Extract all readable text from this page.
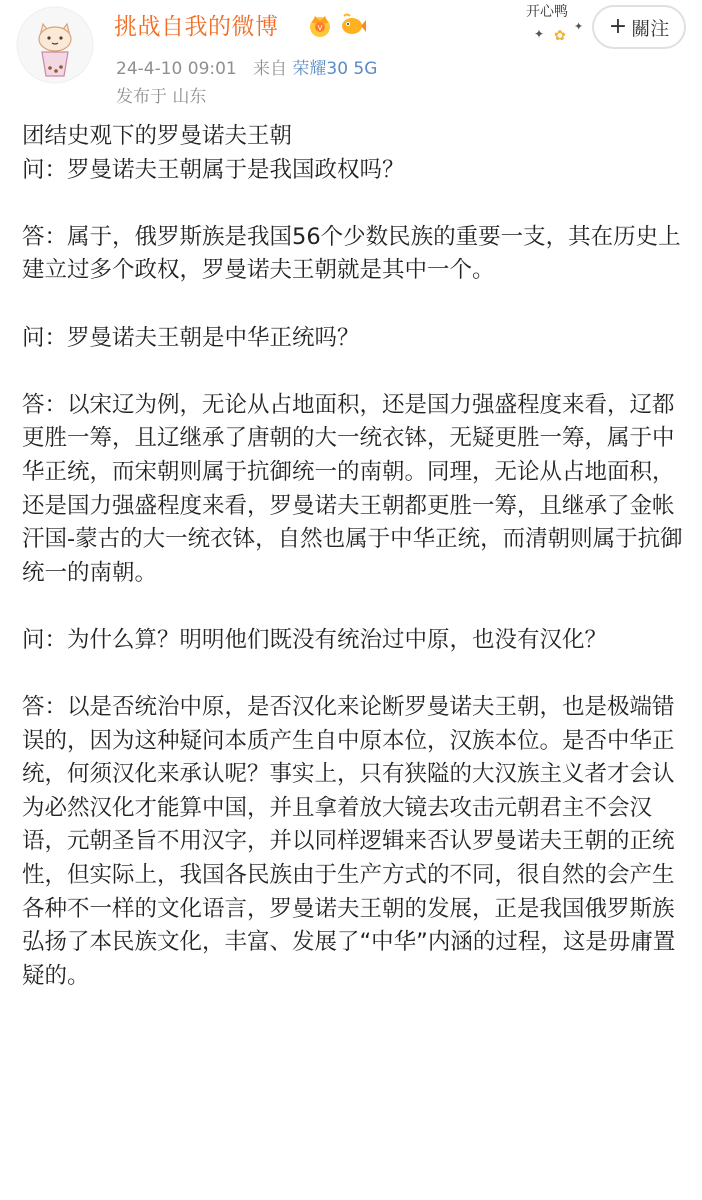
挑战自我的微博	V
24-4-10 09:01 来自 荣耀30 5G
发布于 山东
开心鸭
✦ ✿
✦ + 關注

团结史观下的罗曼诺夫王朝

问：罗曼诺夫王朝属于是我国政权吗？

答：属于，俄罗斯族是我国56个少数民族的重要一支，其在历史上建立过多个政权，罗曼诺夫王朝就是其中一个。

问：罗曼诺夫王朝是中华正统吗？

答：以宋辽为例，无论从占地面积，还是国力强盛程度来看，辽都更胜一筹，且辽继承了唐朝的大一统衣钵，无疑更胜一筹，属于中华正统，而宋朝则属于抗御统一的南朝。同理，无论从占地面积，还是国力强盛程度来看，罗曼诺夫王朝都更胜一筹，且继承了金帐汗国-蒙古的大一统衣钵，自然也属于中华正统，而清朝则属于抗御统一的南朝。

问：为什么算？明明他们既没有统治过中原，也没有汉化？

答：以是否统治中原，是否汉化来论断罗曼诺夫王朝，也是极端错误的，因为这种疑问本质产生自中原本位，汉族本位。是否中华正统，何须汉化来承认呢？事实上，只有狭隘的大汉族主义者才会认为必然汉化才能算中国，并且拿着放大镜去攻击元朝君主不会汉语，元朝圣旨不用汉字，并以同样逻辑来否认罗曼诺夫王朝的正统性，但实际上，我国各民族由于生产方式的不同，很自然的会产生各种不一样的文化语言，罗曼诺夫王朝的发展，正是我国俄罗斯族弘扬了本民族文化，丰富、发展了“中华”内涵的过程，这是毋庸置疑的。
